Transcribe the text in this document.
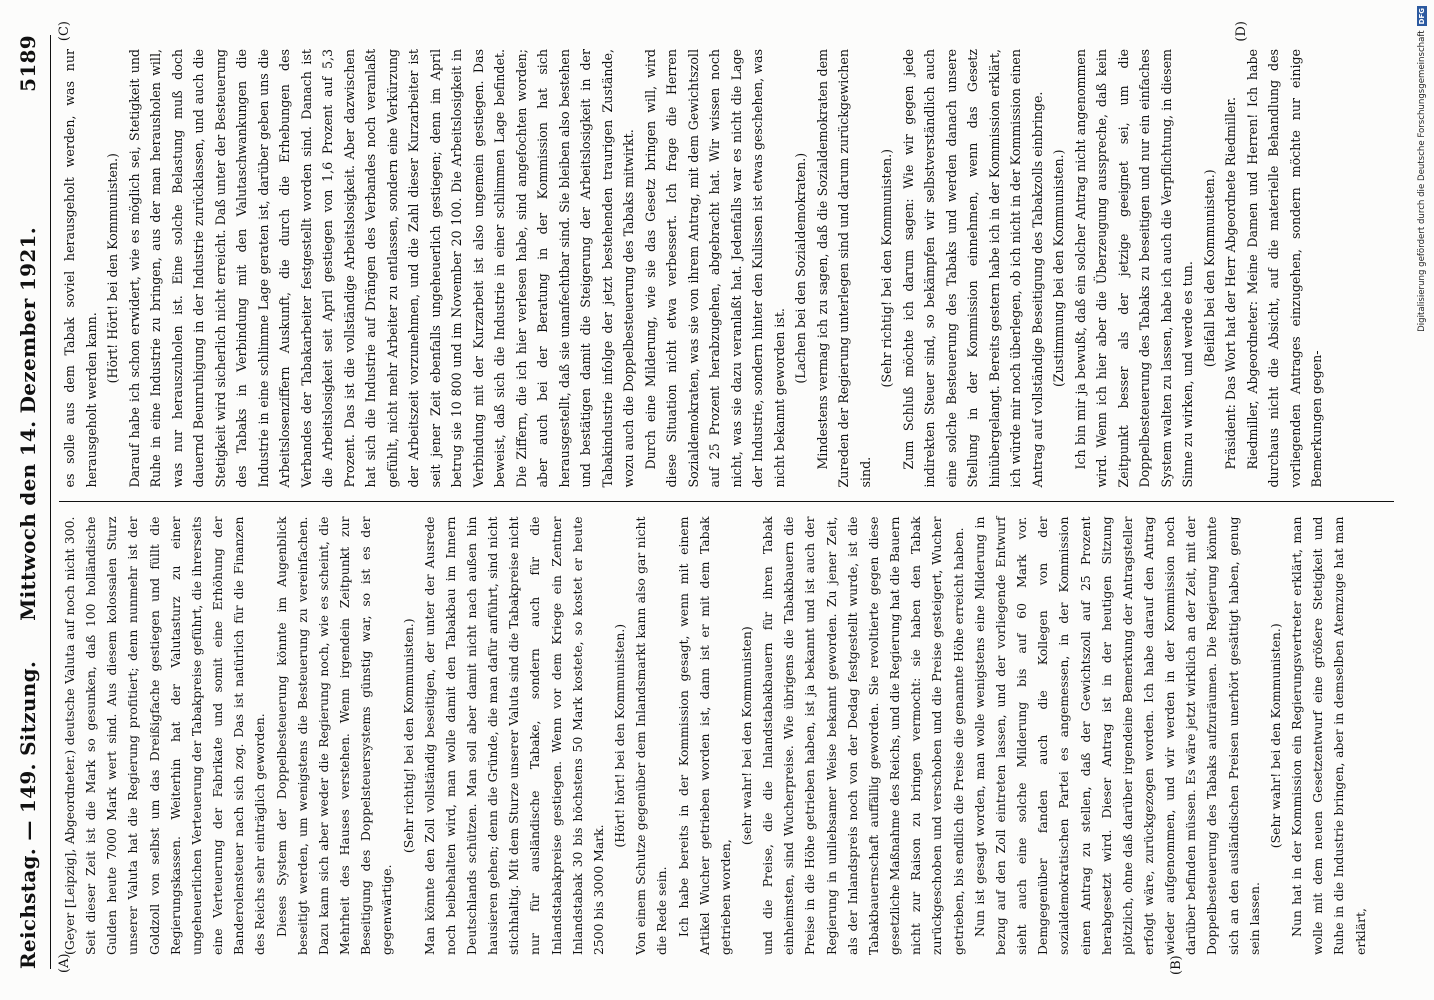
Reichstag. — 149. Sitzung.
Mittwoch den 14. Dezember 1921.
5189
(A)	(B)

(Geyer [Leipzig], Abgeordneter.) deutsche Valuta auf noch nicht 300. Seit dieser Zeit ist die Mark so gesunken, daß 100 holländische Gulden heute 7000 Mark wert sind. Aus diesem kolossalen Sturz unserer Valuta hat die Regierung profitiert; denn nunmehr ist der Goldzoll von selbst um das Dreißigfache gestiegen und füllt die Regierungskassen. Weiterhin hat der Valutasturz zu einer ungeheuerlichen Verteuerung der Tabakpreise geführt, die ihrerseits eine Verteuerung der Fabrikate und somit eine Erhöhung der Banderolensteuer nach sich zog. Das ist natürlich für die Finanzen des Reichs sehr einträglich geworden. Dieses System der Doppelbesteuerung könnte im Augenblick beseitigt werden, um wenigstens die Besteuerung zu vereinfachen. Dazu kann sich aber weder die Regierung noch, wie es scheint, die Mehrheit des Hauses verstehen. Wenn irgendein Zeitpunkt zur Beseitigung des Doppelsteuersystems günstig war, so ist es der gegenwärtige.

(Sehr richtig! bei den Kommunisten.) Man könnte den Zoll vollständig beseitigen, der unter der Ausrede noch beibehalten wird, man wolle damit den Tabakbau im Innern Deutschlands schützen. Man soll aber damit nicht nach außen hin hausieren gehen; denn die Gründe, die man dafür anführt, sind nicht stichhaltig. Mit dem Sturze unserer Valuta sind die Tabakpreise nicht nur für ausländische Tabake, sondern auch für die Inlandstabakpreise gestiegen. Wenn vor dem Kriege ein Zentner Inlandstabak 30 bis höchstens 50 Mark kostete, so kostet er heute 2500 bis 3000 Mark.

(Hört! hört! bei den Kommunisten.) Von einem Schutze gegenüber dem Inlandsmarkt kann also gar nicht die Rede sein. Ich habe bereits in der Kommission gesagt, wenn mit einem Artikel Wucher getrieben worden ist, dann ist er mit dem Tabak getrieben worden,

(sehr wahr! bei den Kommunisten) und die Preise, die die Inlandstabakbauern für ihren Tabak einheimsten, sind Wucherpreise. Wie übrigens die Tabakbauern die Preise in die Höhe getrieben haben, ist ja bekannt und ist auch der Regierung in unliebsamer Weise bekannt geworden. Zu jener Zeit, als der Inlandspreis noch von der Dedag festgestellt wurde, ist die Tabakbauernschaft auffällig geworden. Sie revoltierte gegen diese gesetzliche Maßnahme des Reichs, und die Regierung hat die Bauern nicht zur Raison zu bringen vermocht: sie haben den Tabak zurückgeschoben und verschoben und die Preise gesteigert, Wucher getrieben, bis endlich die Preise die genannte Höhe erreicht haben. Nun ist gesagt worden, man wolle wenigstens eine Milderung in bezug auf den Zoll eintreten lassen, und der vorliegende Entwurf sieht auch eine solche Milderung bis auf 60 Mark vor. Demgegenüber fanden auch die Kollegen von der sozialdemokratischen Partei es angemessen, in der Kommission einen Antrag zu stellen, daß der Gewichtszoll auf 25 Prozent herabgesetzt wird. Dieser Antrag ist in der heutigen Sitzung plötzlich, ohne daß darüber irgendeine Bemerkung der Antragsteller erfolgt wäre, zurückgezogen worden. Ich habe darauf den Antrag wieder aufgenommen, und wir werden in der Kommission noch darüber befinden müssen. Es wäre jetzt wirklich an der Zeit, mit der Doppelbesteuerung des Tabaks aufzuräumen. Die Regierung könnte sich an den ausländischen Preisen unerhört gesättigt haben, genug sein lassen.

(Sehr wahr! bei den Kommunisten.) Nun hat in der Kommission ein Regierungsvertreter erklärt, man wolle mit dem neuen Gesetzentwurf eine größere Stetigkeit und Ruhe in die Industrie bringen, aber in demselben Atemzuge hat man erklärt,

(C)	(D)

es solle aus dem Tabak soviel herausgeholt werden, was nur herausgeholt werden kann.

(Hört! Hört! bei den Kommunisten.) Darauf habe ich schon erwidert, wie es möglich sei, Stetigkeit und Ruhe in eine Industrie zu bringen, aus der man herausholen will, was nur herauszuholen ist. Eine solche Belastung muß doch dauernd Beunruhigung in der Industrie zurücklassen, und auch die Stetigkeit wird sicherlich nicht erreicht. Daß unter der Besteuerung des Tabaks in Verbindung mit den Valutaschwankungen die Industrie in eine schlimme Lage geraten ist, darüber geben uns die Arbeitslosenziffern Auskunft, die durch die Erhebungen des Verbandes der Tabakarbeiter festgestellt worden sind. Danach ist die Arbeitslosigkeit seit April gestiegen von 1,6 Prozent auf 5,3 Prozent. Das ist die vollständige Arbeitslosigkeit. Aber dazwischen hat sich die Industrie auf Drängen des Verbandes noch veranlaßt gefühlt, nicht mehr Arbeiter zu entlassen, sondern eine Verkürzung der Arbeitszeit vorzunehmen, und die Zahl dieser Kurzarbeiter ist seit jener Zeit ebenfalls ungeheuerlich gestiegen; denn im April betrug sie 10 800 und im November 20 100. Die Arbeitslosigkeit in Verbindung mit der Kurzarbeit ist also ungemein gestiegen. Das beweist, daß sich die Industrie in einer schlimmen Lage befindet. Die Ziffern, die ich hier verlesen habe, sind angefochten worden; aber auch bei der Beratung in der Kommission hat sich herausgestellt, daß sie unanfechtbar sind. Sie bleiben also bestehen und bestätigen damit die Steigerung der Arbeitslosigkeit in der Tabakindustrie infolge der jetzt bestehenden traurigen Zustände, wozu auch die Doppelbesteuerung des Tabaks mitwirkt. Durch eine Milderung, wie sie das Gesetz bringen will, wird diese Situation nicht etwa verbessert. Ich frage die Herren Sozialdemokraten, was sie von ihrem Antrag, mit dem Gewichtszoll auf 25 Prozent herabzugehen, abgebracht hat. Wir wissen noch nicht, was sie dazu veranlaßt hat. Jedenfalls war es nicht die Lage der Industrie, sondern hinter den Kulissen ist etwas geschehen, was nicht bekannt geworden ist.

(Lachen bei den Sozialdemokraten.) Mindestens vermag ich zu sagen, daß die Sozialdemokraten dem Zureden der Regierung unterlegen sind und darum zurückgewichen sind.

(Sehr richtig! bei den Kommunisten.) Zum Schluß möchte ich darum sagen: Wie wir gegen jede indirekten Steuer sind, so bekämpfen wir selbstverständlich auch eine solche Besteuerung des Tabaks und werden danach unsere Stellung in der Kommission einnehmen, wenn das Gesetz hinübergelangt. Bereits gestern habe ich in der Kommission erklärt, ich würde mir noch überlegen, ob ich nicht in der Kommission einen Antrag auf vollständige Beseitigung des Tabakzolls einbringe. (Zustimmung bei den Kommunisten.) Ich bin mir ja bewußt, daß ein solcher Antrag nicht angenommen wird. Wenn ich hier aber die Überzeugung ausspreche, daß kein Zeitpunkt besser als der jetzige geeignet sei, um die Doppelbesteuerung des Tabaks zu beseitigen und nur ein einfaches System walten zu lassen, habe ich auch die Verpflichtung, in diesem Sinne zu wirken, und werde es tun. (Beifall bei den Kommunisten.) Präsident: Das Wort hat der Herr Abgeordnete Riedmiller. Riedmiller, Abgeordneter: Meine Damen und Herren! Ich habe durchaus nicht die Absicht, auf die materielle Behandlung des vorliegenden Antrages einzugehen, sondern möchte nur einige Bemerkungen gegen-

Digitalisierung gefördert durch die Deutsche Forschungsgemeinschaft
DFG
